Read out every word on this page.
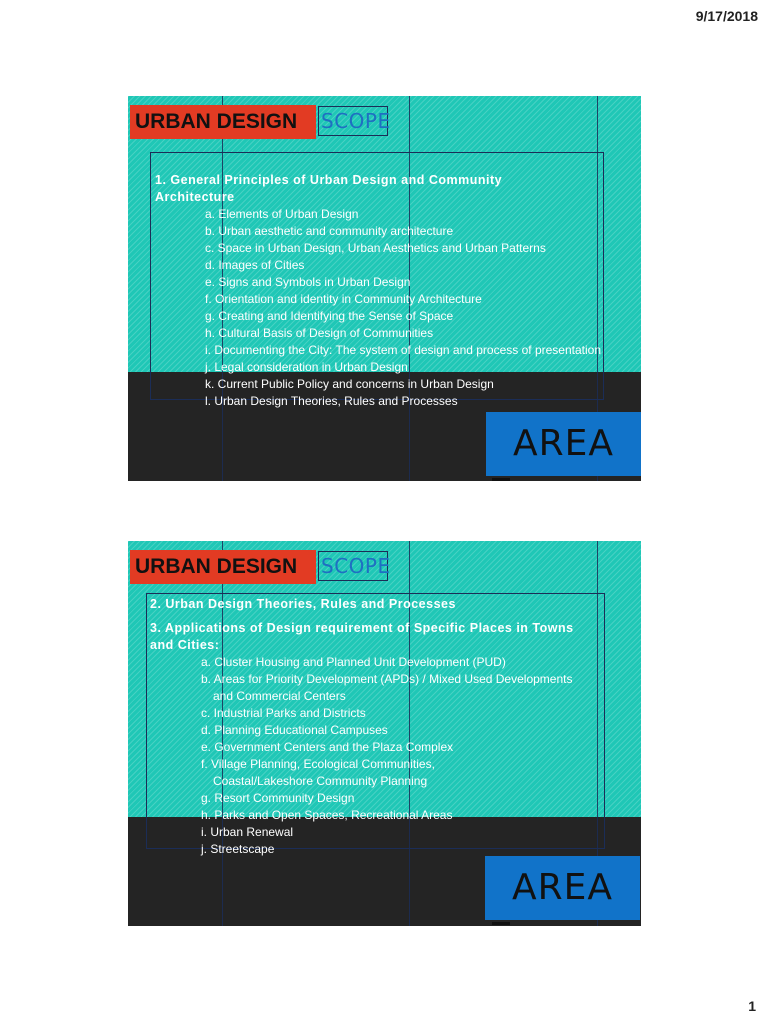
9/17/2018
URBAN DESIGN	SCOPE
1. General Principles of Urban Design and Community Architecture
a. Elements of Urban Design
b. Urban aesthetic and community architecture
c. Space in Urban Design, Urban Aesthetics and Urban Patterns
d. Images of Cities
e. Signs and Symbols in Urban Design
f. Orientation and identity in Community Architecture
g. Creating and Identifying the Sense of Space
h. Cultural Basis of Design of Communities
i. Documenting the City: The system of design and process of presentation
j. Legal consideration in Urban Design
k. Current Public Policy and concerns in Urban Design
l. Urban Design Theories, Rules and Processes
AREA
URBAN DESIGN	SCOPE
2. Urban Design Theories, Rules and Processes
3. Applications of Design requirement of Specific Places in Towns and Cities:
a. Cluster Housing and Planned Unit Development (PUD)
b. Areas for Priority Development (APDs) / Mixed Used Developments
and Commercial Centers
c. Industrial Parks and Districts
d. Planning Educational Campuses
e. Government Centers and the Plaza Complex
f. Village Planning, Ecological Communities,
Coastal/Lakeshore Community Planning
g. Resort Community Design
h. Parks and Open Spaces, Recreational Areas
i. Urban Renewal
j. Streetscape
AREA
1
